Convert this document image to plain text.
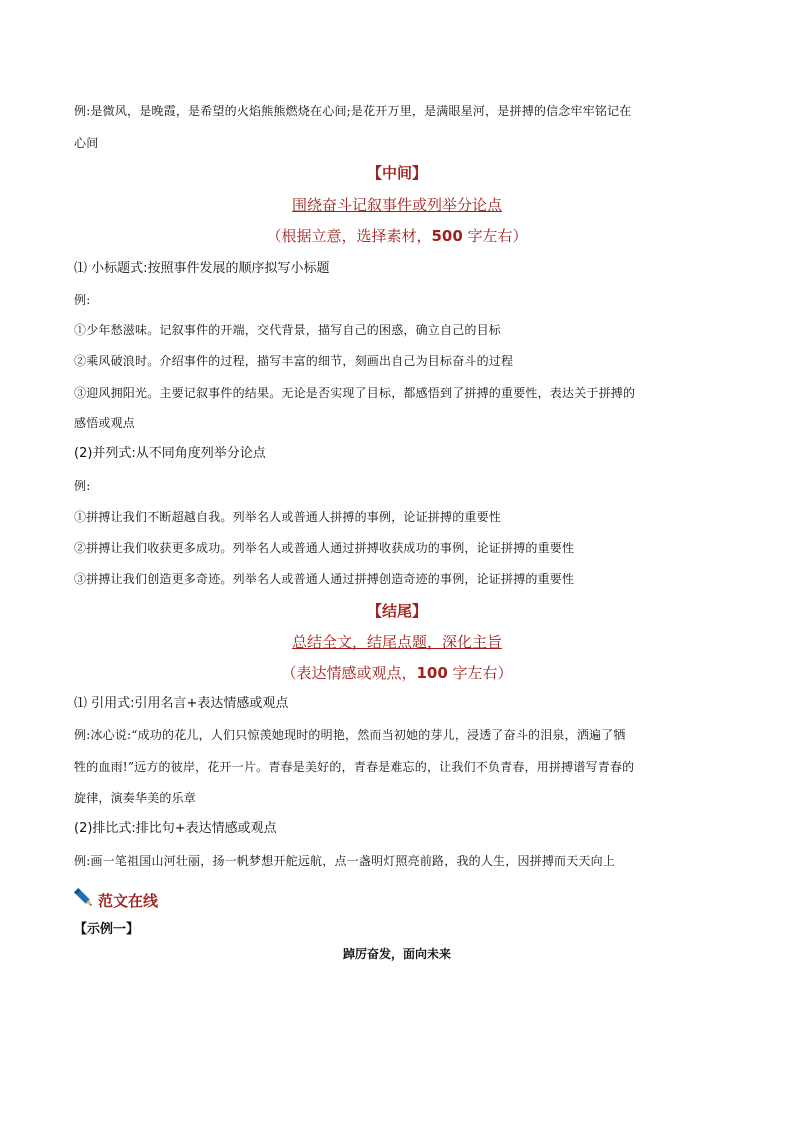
例:是微风，是晚霞，是希望的火焰熊熊燃烧在心间;是花开万里，是满眼星河，是拼搏的信念牢牢铭记在
心间
【中间】
围绕奋斗记叙事件或列举分论点
（根据立意，选择素材，500 字左右）
⑴ 小标题式:按照事件发展的顺序拟写小标题
例:
①少年愁滋味。记叙事件的开端，交代背景，描写自己的困惑，确立自己的目标
②乘风破浪时。介绍事件的过程，描写丰富的细节，刻画出自己为目标奋斗的过程
③迎风拥阳光。主要记叙事件的结果。无论是否实现了目标，都感悟到了拼搏的重要性，表达关于拼搏的
感悟或观点
(2)并列式:从不同角度列举分论点
例:
①拼搏让我们不断超越自我。列举名人或普通人拼搏的事例，论证拼搏的重要性
②拼搏让我们收获更多成功。列举名人或普通人通过拼搏收获成功的事例，论证拼搏的重要性
③拼搏让我们创造更多奇迹。列举名人或普通人通过拼搏创造奇迹的事例，论证拼搏的重要性
【结尾】
总结全文，结尾点题，深化主旨
（表达情感或观点，100 字左右）
⑴ 引用式:引用名言+表达情感或观点
例:冰心说:“成功的花儿，人们只惊羡她现时的明艳，然而当初她的芽儿，浸透了奋斗的泪泉，洒遍了牺
牲的血雨!”远方的彼岸，花开一片。青春是美好的，青春是难忘的，让我们不负青春，用拼搏谱写青春的
旋律，演奏华美的乐章
(2)排比式:排比句+表达情感或观点
例:画一笔祖国山河壮丽，扬一帆梦想开舵远航，点一盏明灯照亮前路，我的人生，因拼搏而天天向上
范文在线
【示例一】
踔厉奋发，面向未来
